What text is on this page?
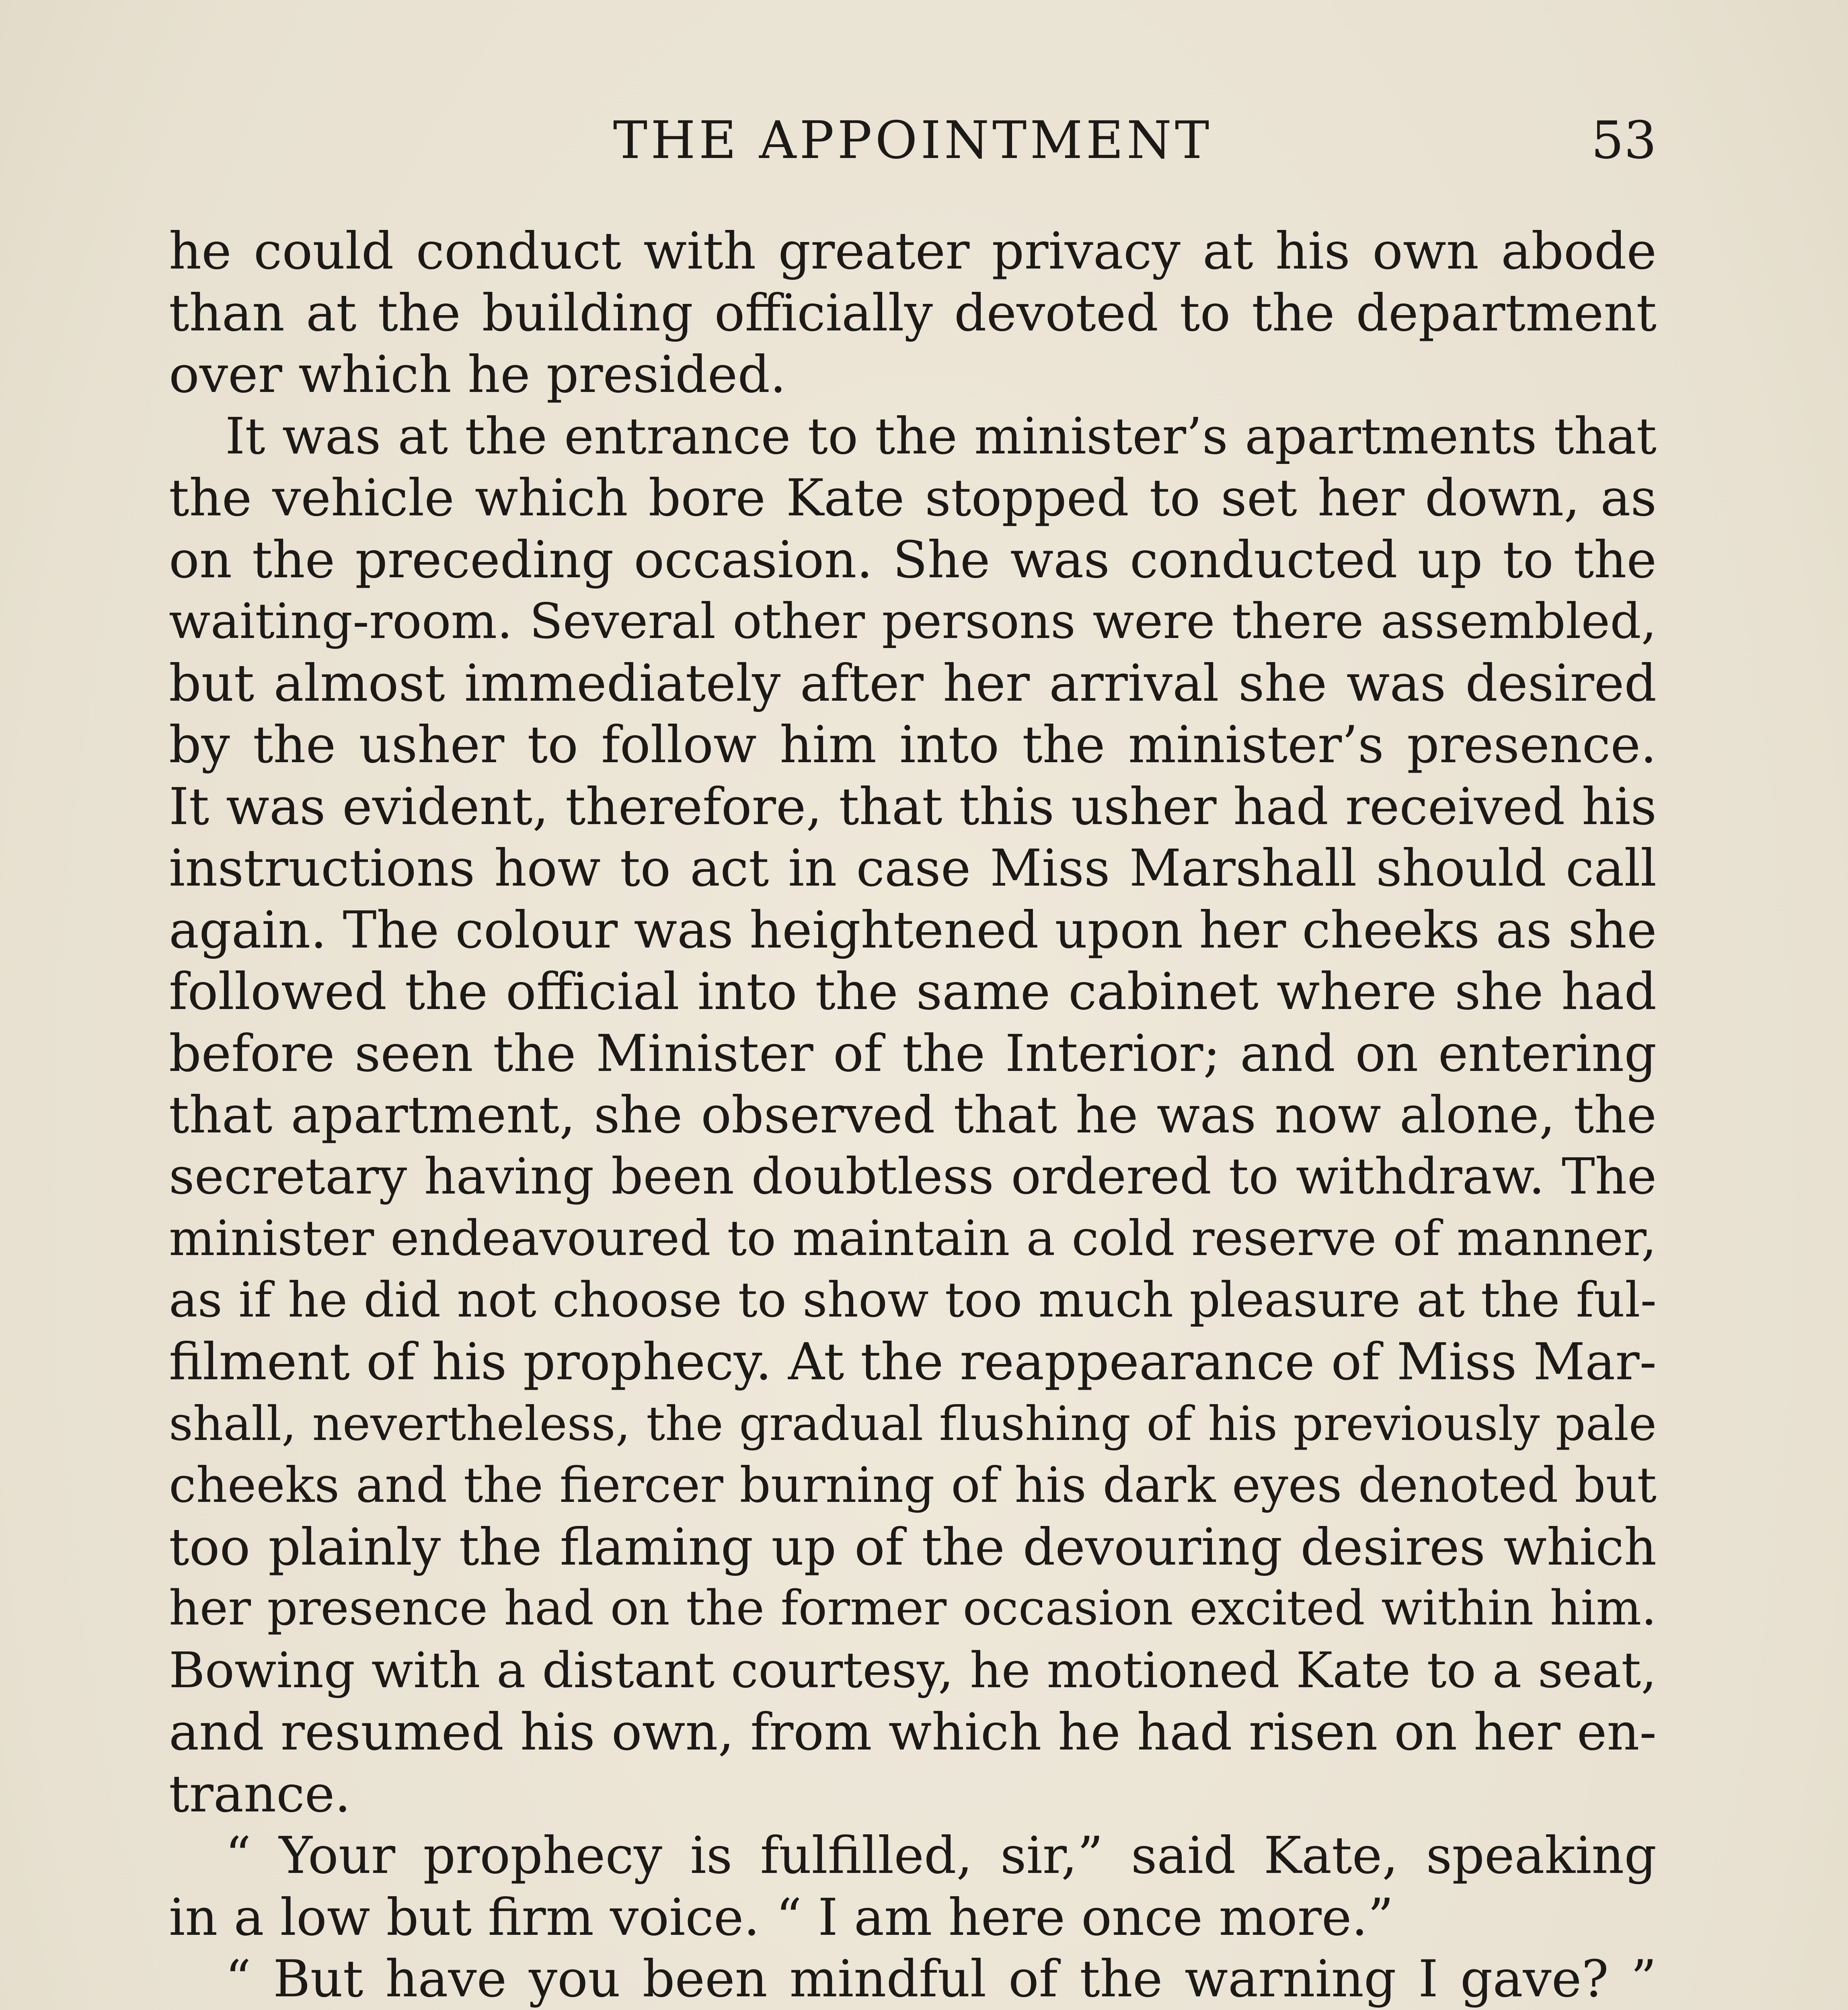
THE APPOINTMENT	53
he could conduct with greater privacy at his own abode
than at the building officially devoted to the department
over which he presided.
It was at the entrance to the minister’s apartments that
the vehicle which bore Kate stopped to set her down, as
on the preceding occasion. She was conducted up to the
waiting-room. Several other persons were there assembled,
but almost immediately after her arrival she was desired
by the usher to follow him into the minister’s presence.
It was evident, therefore, that this usher had received his
instructions how to act in case Miss Marshall should call
again. The colour was heightened upon her cheeks as she
followed the official into the same cabinet where she had
before seen the Minister of the Interior; and on entering
that apartment, she observed that he was now alone, the
secretary having been doubtless ordered to withdraw. The
minister endeavoured to maintain a cold reserve of manner,
as if he did not choose to show too much pleasure at the ful-
filment of his prophecy. At the reappearance of Miss Mar-
shall, nevertheless, the gradual flushing of his previously pale
cheeks and the fiercer burning of his dark eyes denoted but
too plainly the flaming up of the devouring desires which
her presence had on the former occasion excited within him.
Bowing with a distant courtesy, he motioned Kate to a seat,
and resumed his own, from which he had risen on her en-
trance.
“ Your prophecy is fulfilled, sir,” said Kate, speaking
in a low but firm voice. “ I am here once more.”
“ But have you been mindful of the warning I gave? ”
